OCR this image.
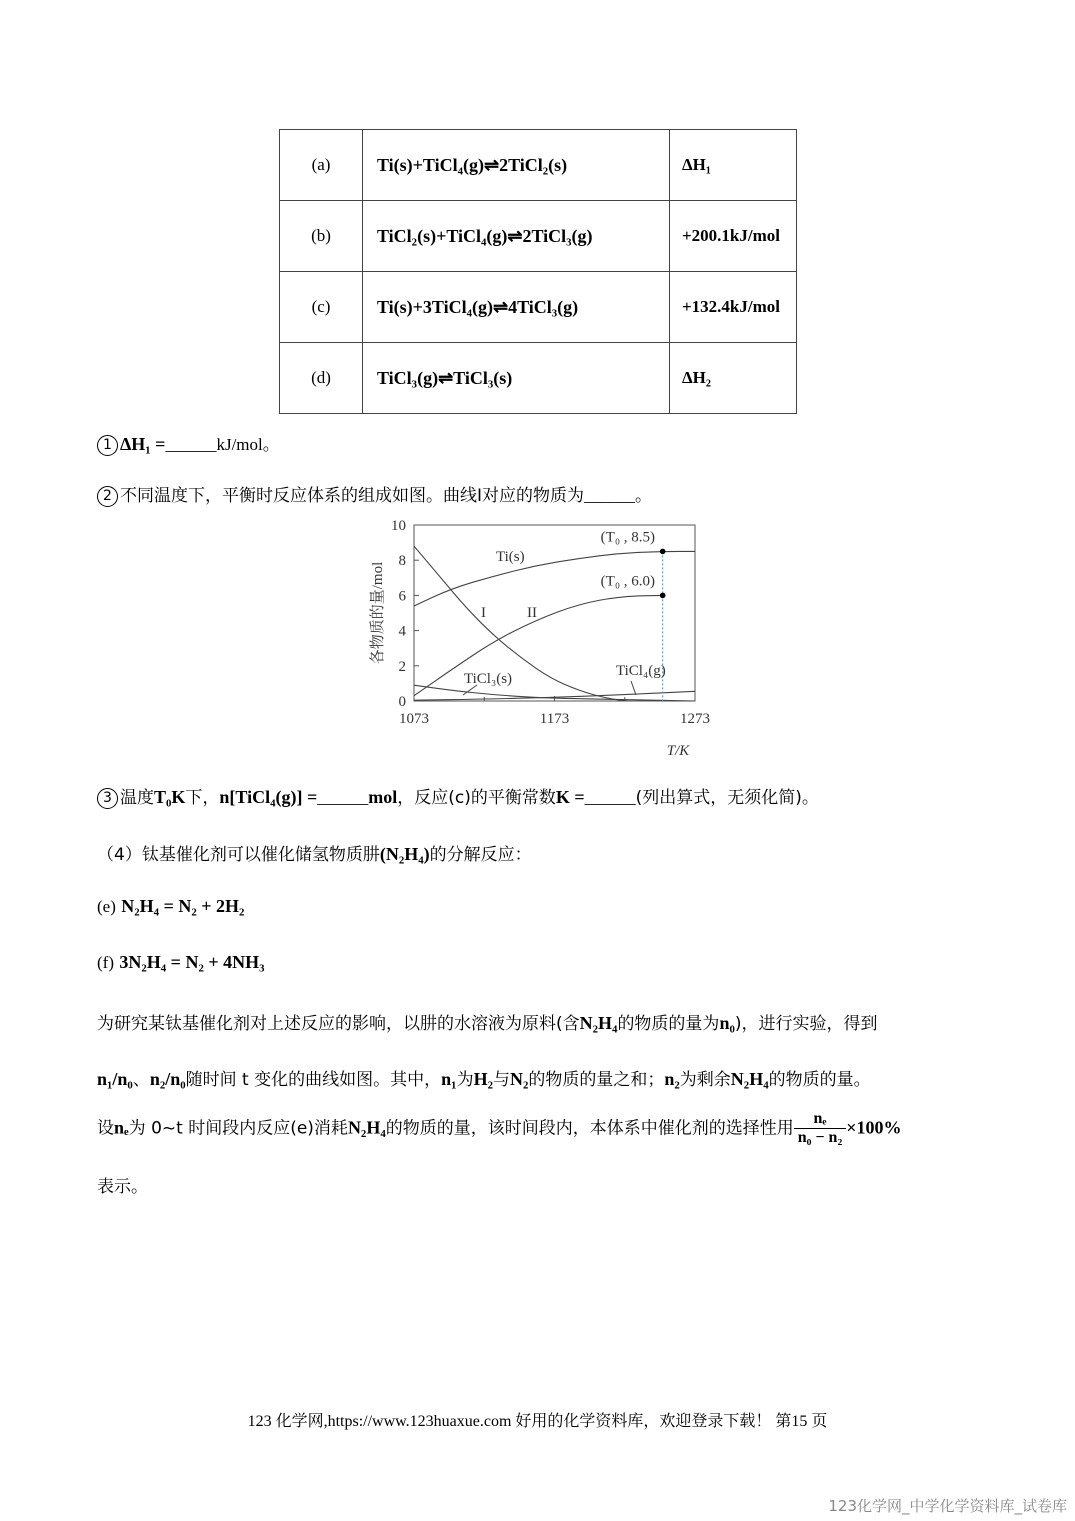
(a)	Ti(s)+TiCl₄(g)⇌2TiCl₂(s)	ΔH₁
(b)	TiCl₂(s)+TiCl₄(g)⇌2TiCl₃(g)	+200.1kJ/mol
(c)	Ti(s)+3TiCl₄(g)⇌4TiCl₃(g)	+132.4kJ/mol
(d)	TiCl₃(g)⇌TiCl₃(s)	ΔH₂
1 ΔH₁ =______kJ/mol。
2 不同温度下，平衡时反应体系的组成如图。曲线I对应的物质为______。
0
2
4
6
8
10
1073	1173	1273
(T₀ , 8.5)
(T₀ , 6.0)
各物质的量/mol
T/K
Ti(s)
I	II
TiCl₃(s)	TiCl₄(g)
3 温度T₀K下，n[TiCl₄(g)] =______mol，反应(c)的平衡常数K =______(列出算式，无须化简)。
（4）钛基催化剂可以催化储氢物质肼(N₂H₄)的分解反应：
(e) N₂H₄ = N₂ + 2H₂
(f) 3N₂H₄ = N₂ + 4NH₃
为研究某钛基催化剂对上述反应的影响，以肼的水溶液为原料(含N₂H₄的物质的量为n₀)，进行实验，得到
n₁/n₀、n₂/n₀随时间 t 变化的曲线如图。其中，n₁为H₂与N₂的物质的量之和；n₂为剩余N₂H₄的物质的量。
设nₑ为 0~t 时间段内反应(e)消耗N₂H₄的物质的量，该时间段内，本体系中催化剂的选择性用 $\frac{\text{nₑ}}{\text{n₀ − n₂}} \times 100\%$
表示。
123 化学网,https://www.123huaxue.com 好用的化学资料库，欢迎登录下载！ 第15 页
123化学网_中学化学资料库_试卷库
